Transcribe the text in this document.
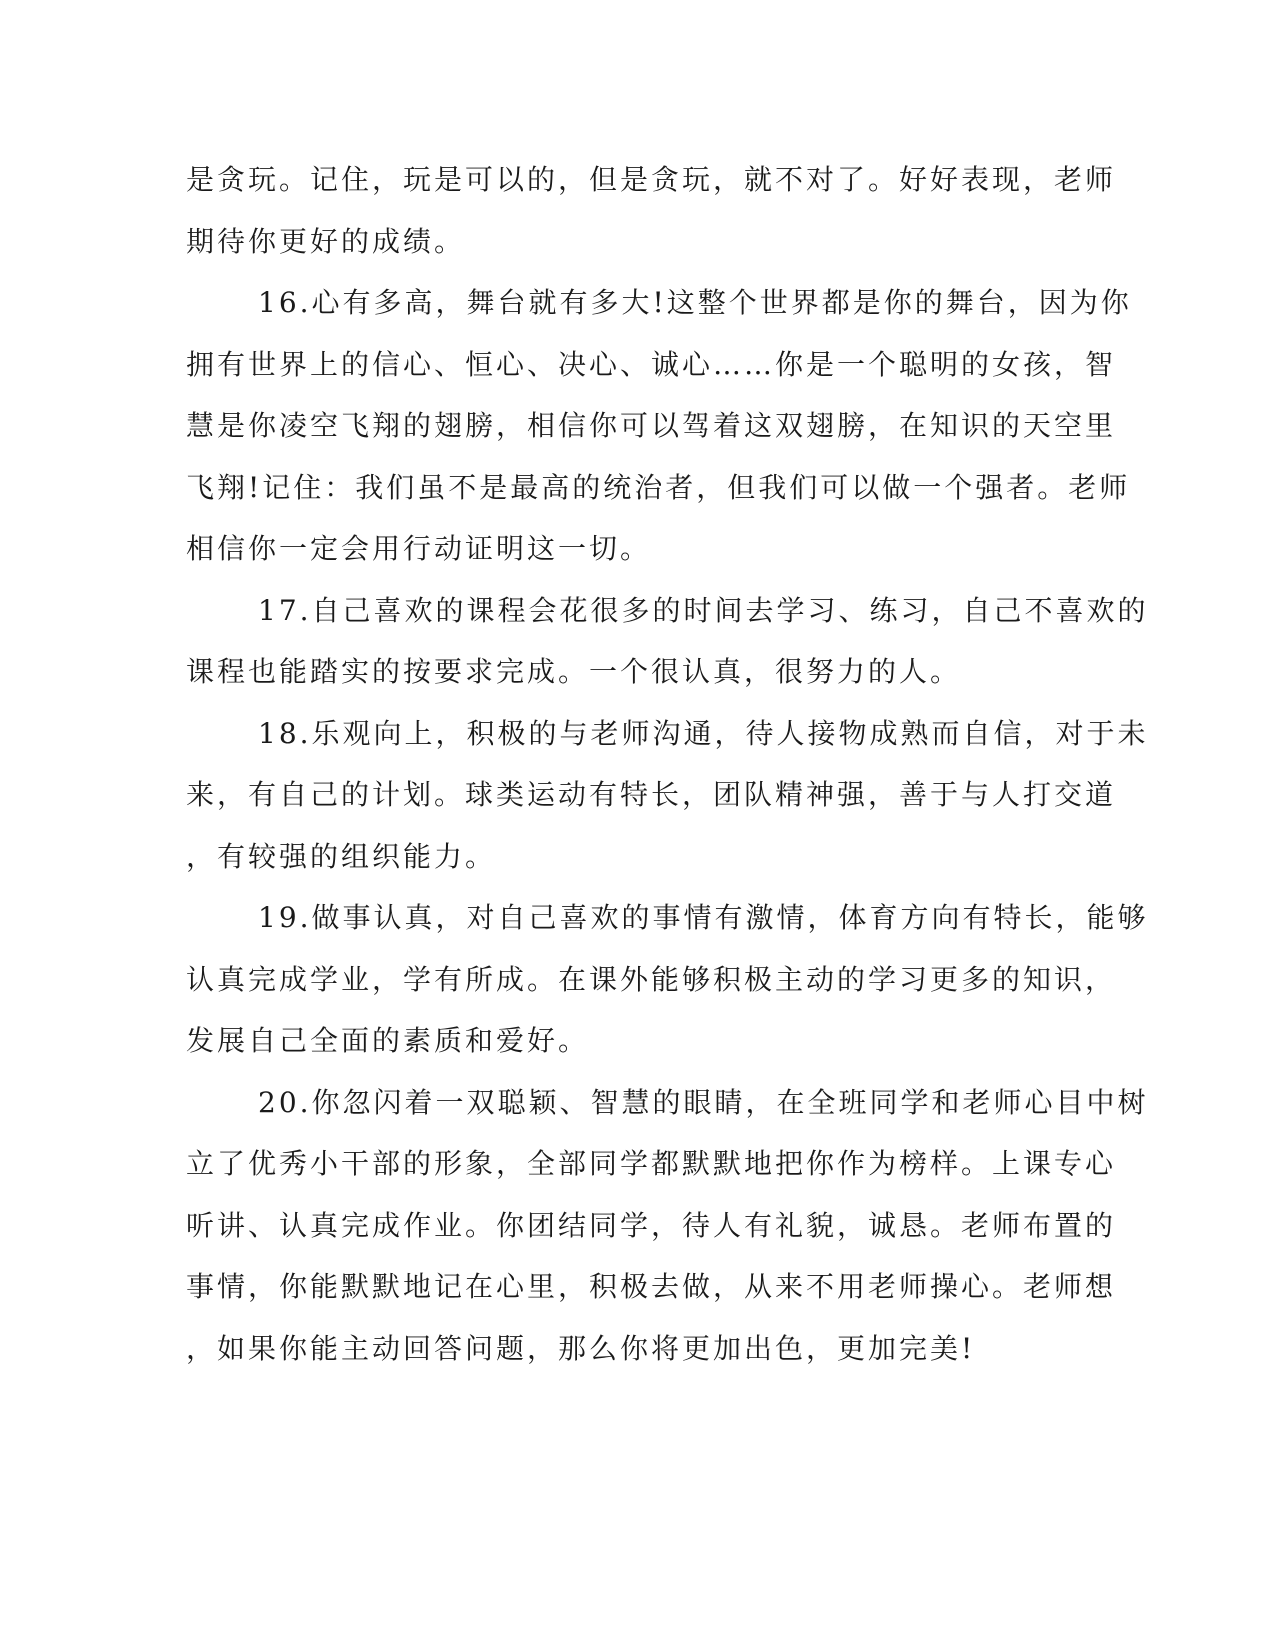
是贪玩。记住，玩是可以的，但是贪玩，就不对了。好好表现，老师
期待你更好的成绩。
16.心有多高，舞台就有多大!这整个世界都是你的舞台，因为你
拥有世界上的信心、恒心、决心、诚心……你是一个聪明的女孩，智
慧是你凌空飞翔的翅膀，相信你可以驾着这双翅膀，在知识的天空里
飞翔!记住：我们虽不是最高的统治者，但我们可以做一个强者。老师
相信你一定会用行动证明这一切。
17.自己喜欢的课程会花很多的时间去学习、练习，自己不喜欢的
课程也能踏实的按要求完成。一个很认真，很努力的人。
18.乐观向上，积极的与老师沟通，待人接物成熟而自信，对于未
来，有自己的计划。球类运动有特长，团队精神强，善于与人打交道
，有较强的组织能力。
19.做事认真，对自己喜欢的事情有激情，体育方向有特长，能够
认真完成学业，学有所成。在课外能够积极主动的学习更多的知识，
发展自己全面的素质和爱好。
20.你忽闪着一双聪颖、智慧的眼睛，在全班同学和老师心目中树
立了优秀小干部的形象，全部同学都默默地把你作为榜样。上课专心
听讲、认真完成作业。你团结同学，待人有礼貌，诚恳。老师布置的
事情，你能默默地记在心里，积极去做，从来不用老师操心。老师想
，如果你能主动回答问题，那么你将更加出色，更加完美!
